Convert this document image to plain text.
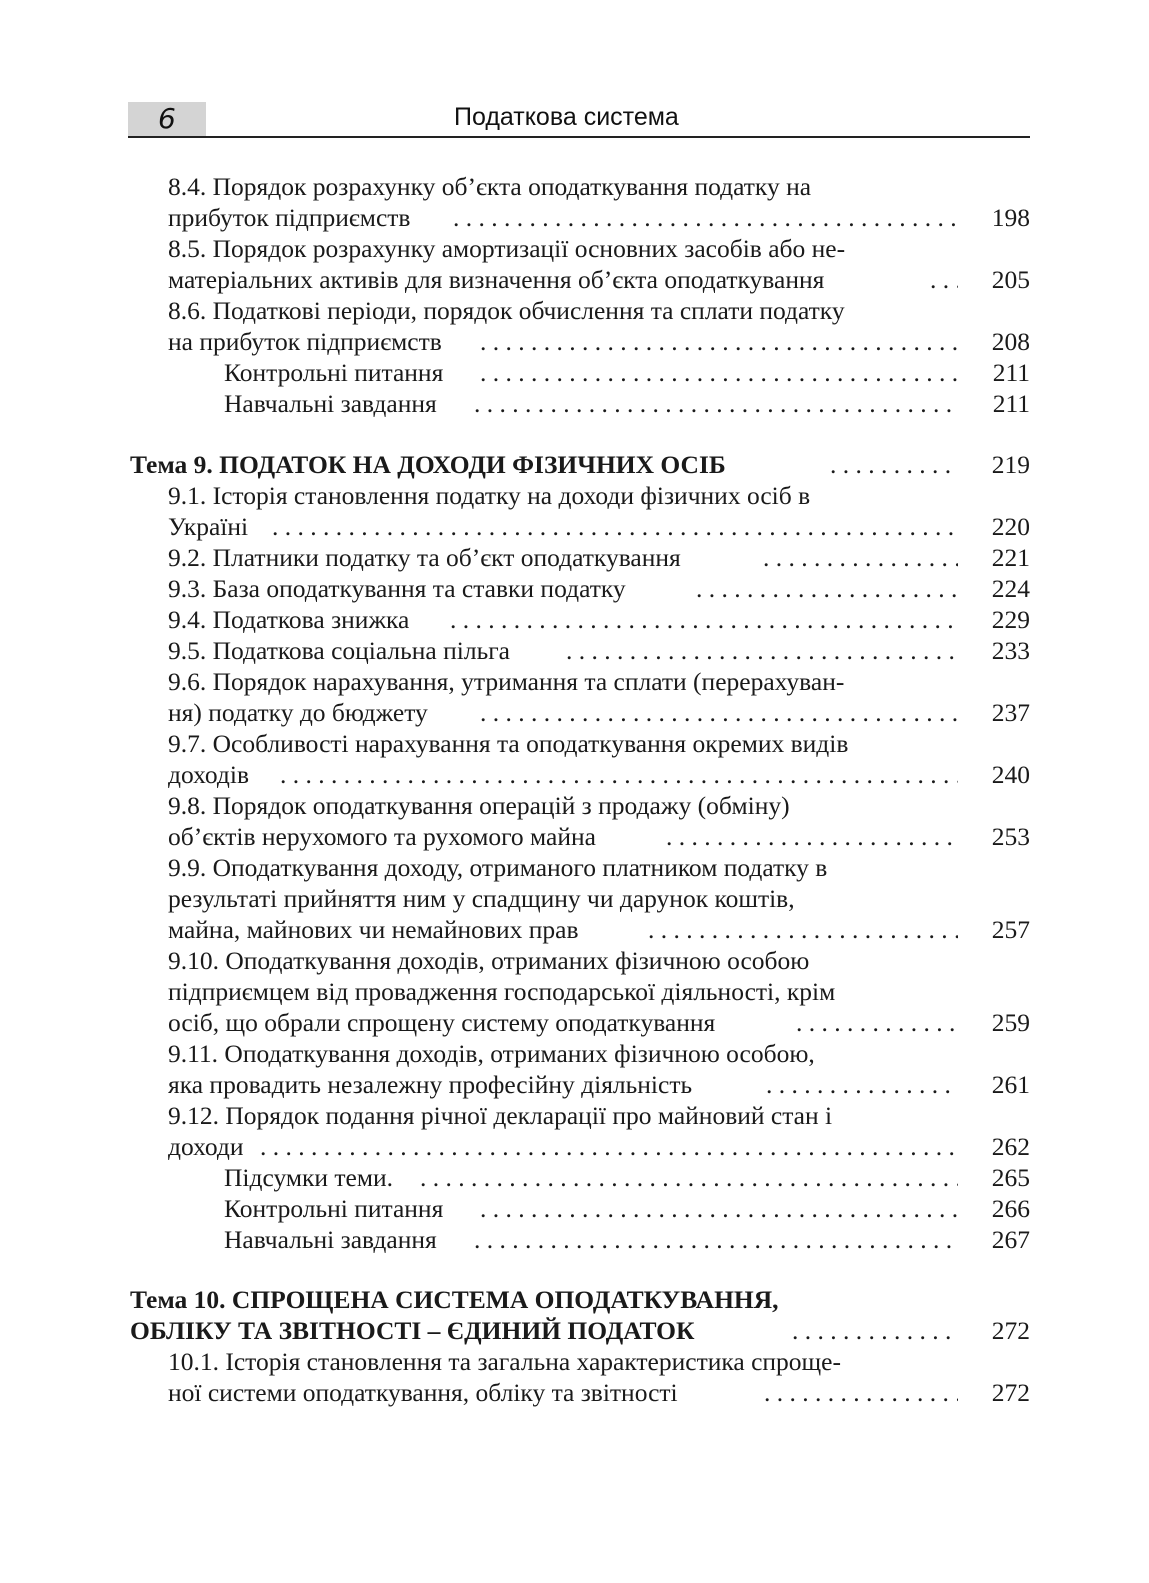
6	Податкова система
8.4. Порядок розрахунку об’єкта оподаткування податку на
прибуток підприємств . . .	198
8.5. Порядок розрахунку амортизації основних засобів або не-
матеріальних активів для визначення об’єкта оподаткування . . .	205
8.6. Податкові періоди, порядок обчислення та сплати податку
на прибуток підприємств . . .	208
Контрольні питання . . .	211
Навчальні завдання . . .	211
Тема 9. ПОДАТОК НА ДОХОДИ ФІЗИЧНИХ ОСІБ . . .	219
9.1. Історія становлення податку на доходи фізичних осіб в
Україні . . .	220
9.2. Платники податку та об’єкт оподаткування . . .	221
9.3. База оподаткування та ставки податку . . .	224
9.4. Податкова знижка . . .	229
9.5. Податкова соціальна пільга . . .	233
9.6. Порядок нарахування, утримання та сплати (перерахуван-
ня) податку до бюджету . . .	237
9.7. Особливості нарахування та оподаткування окремих видів
доходів . . .	240
9.8. Порядок оподаткування операцій з продажу (обміну)
об’єктів нерухомого та рухомого майна . . .	253
9.9. Оподаткування доходу, отриманого платником податку в
результаті прийняття ним у спадщину чи дарунок коштів,
майна, майнових чи немайнових прав . . .	257
9.10. Оподаткування доходів, отриманих фізичною особою
підприємцем від провадження господарської діяльності, крім
осіб, що обрали спрощену систему оподаткування . . .	259
9.11. Оподаткування доходів, отриманих фізичною особою,
яка провадить незалежну професійну діяльність . . .	261
9.12. Порядок подання річної декларації про майновий стан і
доходи . . .	262
Підсумки теми. . . .	265
Контрольні питання . . .	266
Навчальні завдання . . .	267
Тема 10. СПРОЩЕНА СИСТЕМА ОПОДАТКУВАННЯ,
ОБЛІКУ ТА ЗВІТНОСТІ – ЄДИНИЙ ПОДАТОК . . .	272
10.1. Історія становлення та загальна характеристика спроще-
ної системи оподаткування, обліку та звітності . . .	272
